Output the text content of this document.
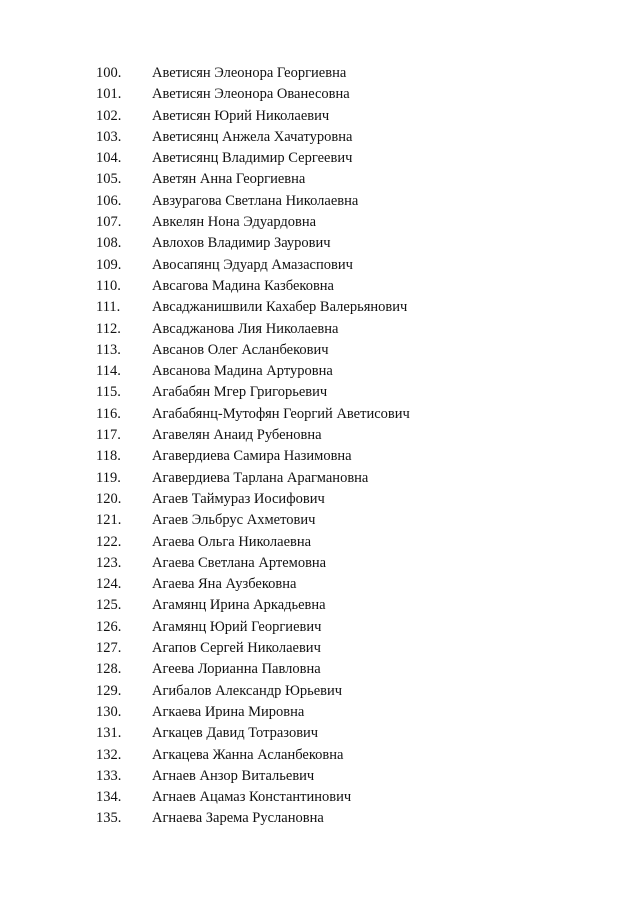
100. Аветисян Элеонора Георгиевна
101. Аветисян Элеонора Ованесовна
102. Аветисян Юрий Николаевич
103. Аветисянц Анжела Хачатуровна
104. Аветисянц Владимир Сергеевич
105. Аветян Анна Георгиевна
106. Авзурагова Светлана Николаевна
107. Авкелян Нона Эдуардовна
108. Авлохов Владимир Заурович
109. Авосапянц Эдуард Амазаспович
110. Авсагова Мадина Казбековна
111. Авсаджанишвили Кахабер Валерьянович
112. Авсаджанова Лия Николаевна
113. Авсанов Олег Асланбекович
114. Авсанова Мадина Артуровна
115. Агабабян Мгер Григорьевич
116. Агабабянц-Мутофян Георгий Аветисович
117. Агавелян Анаид Рубеновна
118. Агавердиева Самира Назимовна
119. Агавердиева Тарлана Арагмановна
120. Агаев Таймураз Иосифович
121. Агаев Эльбрус Ахметович
122. Агаева Ольга Николаевна
123. Агаева Светлана Артемовна
124. Агаева Яна Аузбековна
125. Агамянц Ирина Аркадьевна
126. Агамянц Юрий Георгиевич
127. Агапов Сергей Николаевич
128. Агеева Лорианна Павловна
129. Агибалов Александр Юрьевич
130. Агкаева Ирина Мировна
131. Агкацев Давид Тотразович
132. Агкацева Жанна Асланбековна
133. Агнаев Анзор Витальевич
134. Агнаев Ацамаз Константинович
135. Агнаева Зарема Руслановна
